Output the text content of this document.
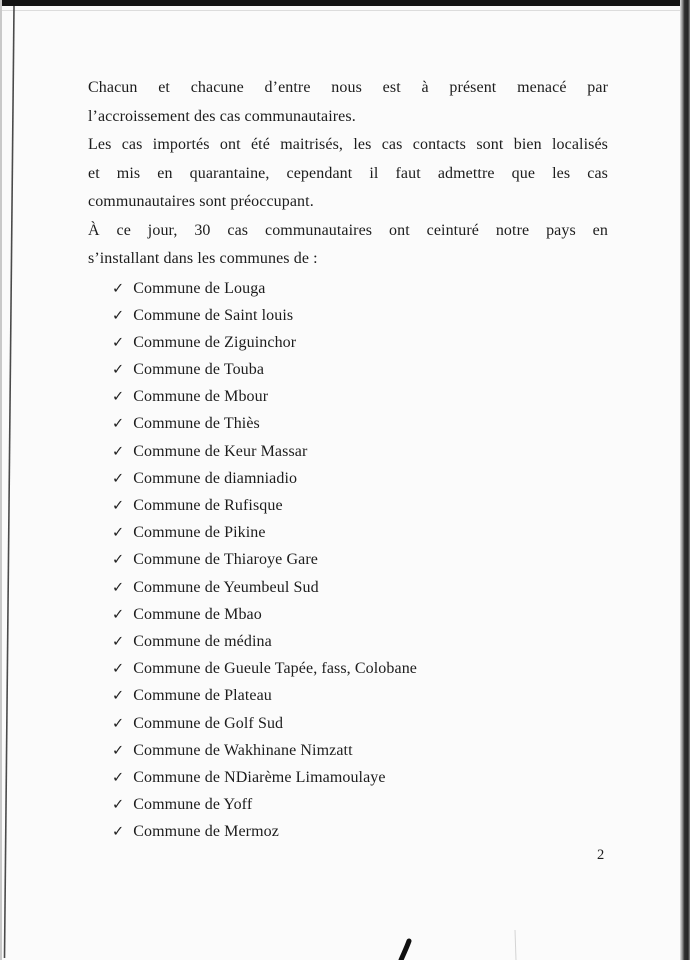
Chacun et chacune d’entre nous est à présent menacé par
l’accroissement des cas communautaires.
Les cas importés ont été maitrisés, les cas contacts sont bien localisés
et mis en quarantaine, cependant il faut admettre que les cas
communautaires sont préoccupant.
À ce jour, 30 cas communautaires ont ceinturé notre pays en
s’installant dans les communes de :
✓ Commune de Louga
✓ Commune de Saint louis
✓ Commune de Ziguinchor
✓ Commune de Touba
✓ Commune de Mbour
✓ Commune de Thiès
✓ Commune de Keur Massar
✓ Commune de diamniadio
✓ Commune de Rufisque
✓ Commune de Pikine
✓ Commune de Thiaroye Gare
✓ Commune de Yeumbeul Sud
✓ Commune de Mbao
✓ Commune de médina
✓ Commune de Gueule Tapée, fass, Colobane
✓ Commune de Plateau
✓ Commune de Golf Sud
✓ Commune de Wakhinane Nimzatt
✓ Commune de NDiarème Limamoulaye
✓ Commune de Yoff
✓ Commune de Mermoz
2
